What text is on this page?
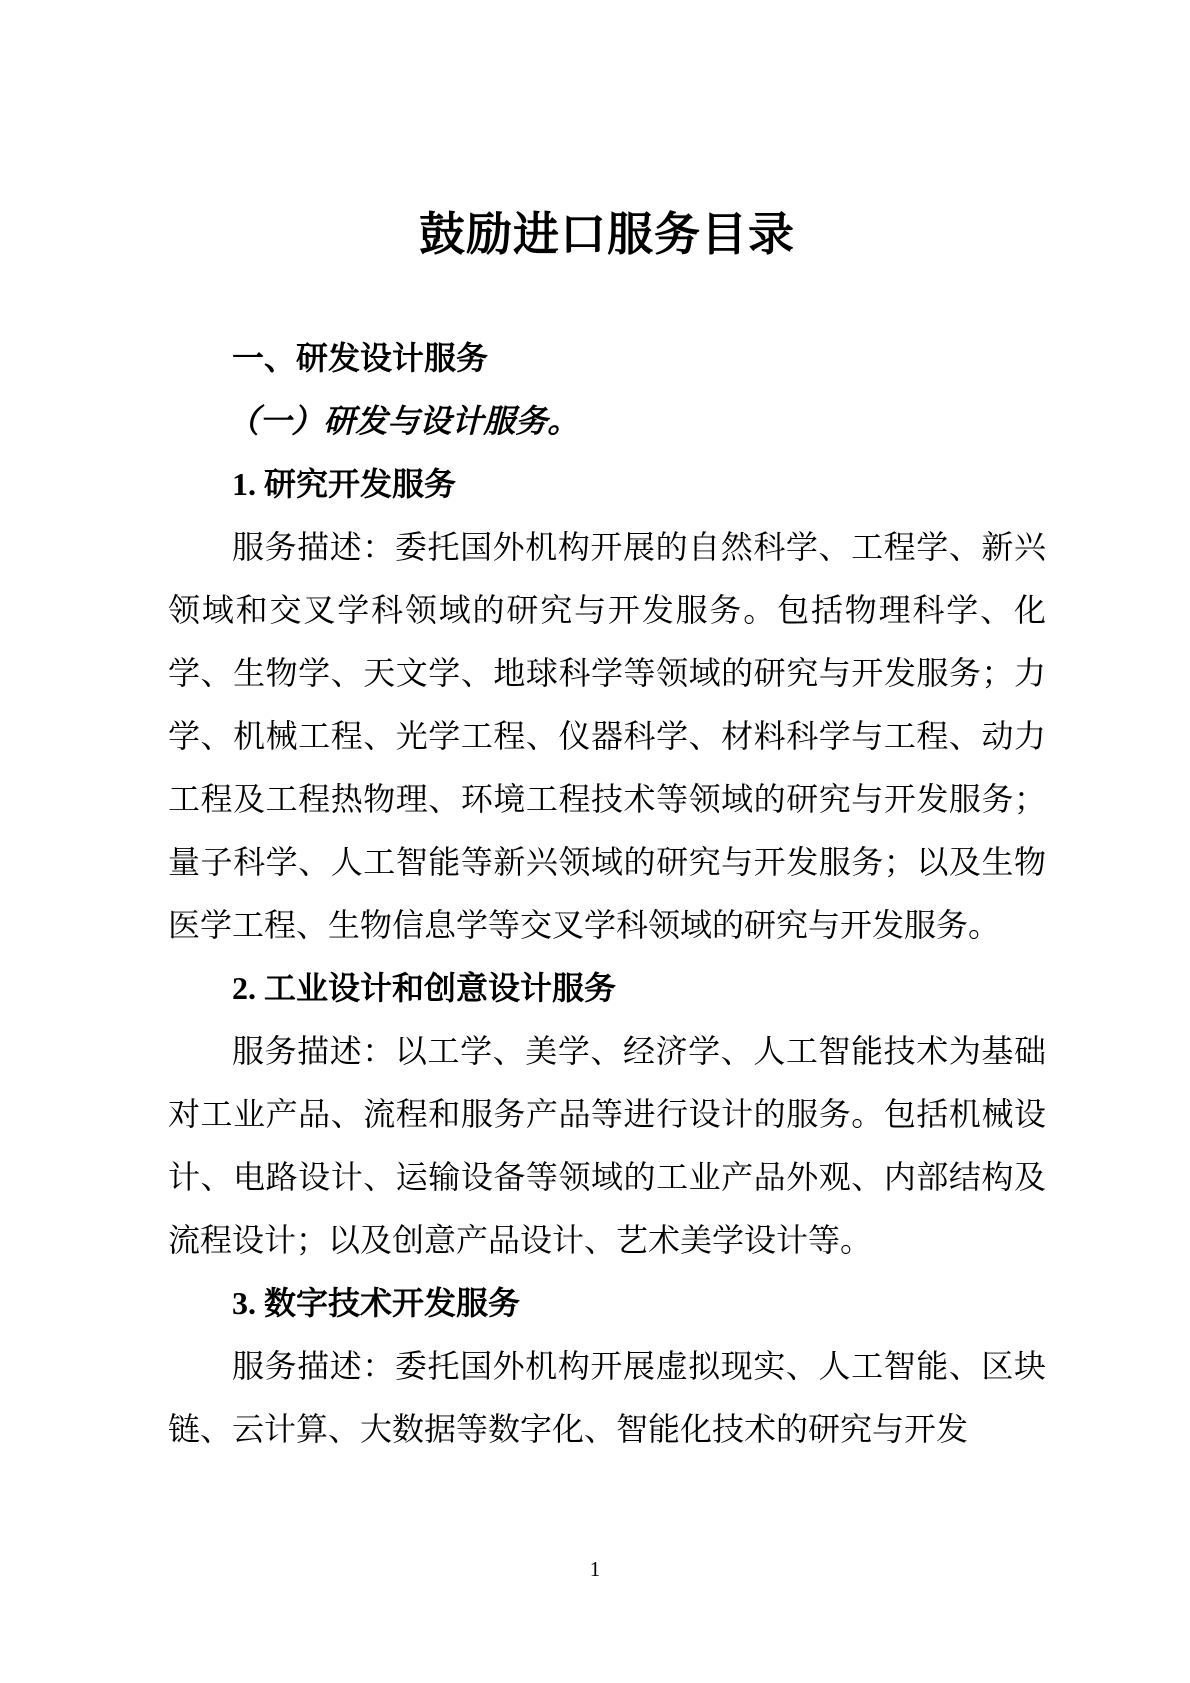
鼓励进口服务目录
一、研发设计服务
（一）研发与设计服务。
1. 研究开发服务

服务描述：委托国外机构开展的自然科学、工程学、新兴领域和交叉学科领域的研究与开发服务。包括物理科学、化学、生物学、天文学、地球科学等领域的研究与开发服务；力学、机械工程、光学工程、仪器科学、材料科学与工程、动力工程及工程热物理、环境工程技术等领域的研究与开发服务；量子科学、人工智能等新兴领域的研究与开发服务；以及生物医学工程、生物信息学等交叉学科领域的研究与开发服务。

2. 工业设计和创意设计服务

服务描述：以工学、美学、经济学、人工智能技术为基础对工业产品、流程和服务产品等进行设计的服务。包括机械设计、电路设计、运输设备等领域的工业产品外观、内部结构及流程设计；以及创意产品设计、艺术美学设计等。

3. 数字技术开发服务

服务描述：委托国外机构开展虚拟现实、人工智能、区块链、云计算、大数据等数字化、智能化技术的研究与开发

1
